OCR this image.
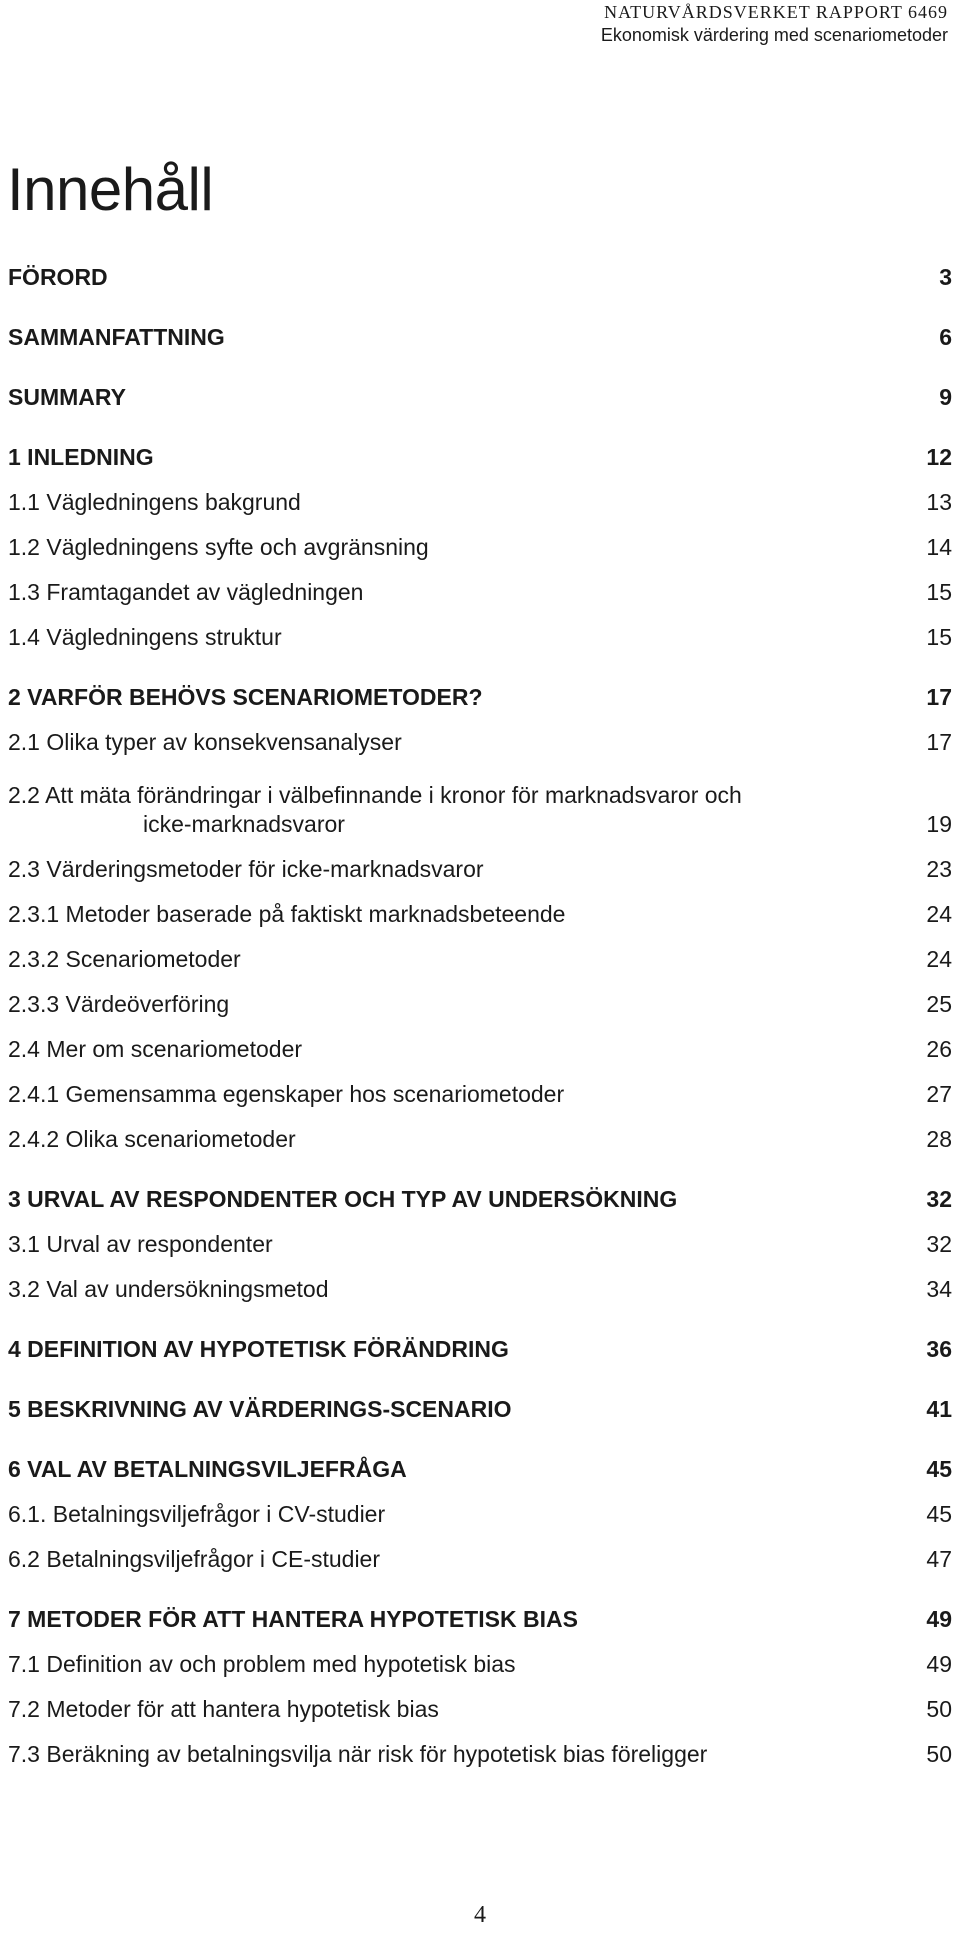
NATURVÅRDSVERKET RAPPORT 6469
Ekonomisk värdering med scenariometoder
Innehåll
FÖRORD	3
SAMMANFATTNING	6
SUMMARY	9
1 INLEDNING	12
1.1 Vägledningens bakgrund	13
1.2 Vägledningens syfte och avgränsning	14
1.3 Framtagandet av vägledningen	15
1.4 Vägledningens struktur	15
2 VARFÖR BEHÖVS SCENARIOMETODER?	17
2.1 Olika typer av konsekvensanalyser	17
2.2 Att mäta förändringar i välbefinnande i kronor för marknadsvaror och
icke-marknadsvaror	19
2.3 Värderingsmetoder för icke-marknadsvaror	23
2.3.1 Metoder baserade på faktiskt marknadsbeteende	24
2.3.2 Scenariometoder	24
2.3.3 Värdeöverföring	25
2.4 Mer om scenariometoder	26
2.4.1 Gemensamma egenskaper hos scenariometoder	27
2.4.2 Olika scenariometoder	28
3 URVAL AV RESPONDENTER OCH TYP AV UNDERSÖKNING	32
3.1 Urval av respondenter	32
3.2 Val av undersökningsmetod	34
4 DEFINITION AV HYPOTETISK FÖRÄNDRING	36
5 BESKRIVNING AV VÄRDERINGS-SCENARIO	41
6 VAL AV BETALNINGSVILJEFRÅGA	45
6.1. Betalningsviljefrågor i CV-studier	45
6.2 Betalningsviljefrågor i CE-studier	47
7 METODER FÖR ATT HANTERA HYPOTETISK BIAS	49
7.1 Definition av och problem med hypotetisk bias	49
7.2 Metoder för att hantera hypotetisk bias	50
7.3 Beräkning av betalningsvilja när risk för hypotetisk bias föreligger	50
4
